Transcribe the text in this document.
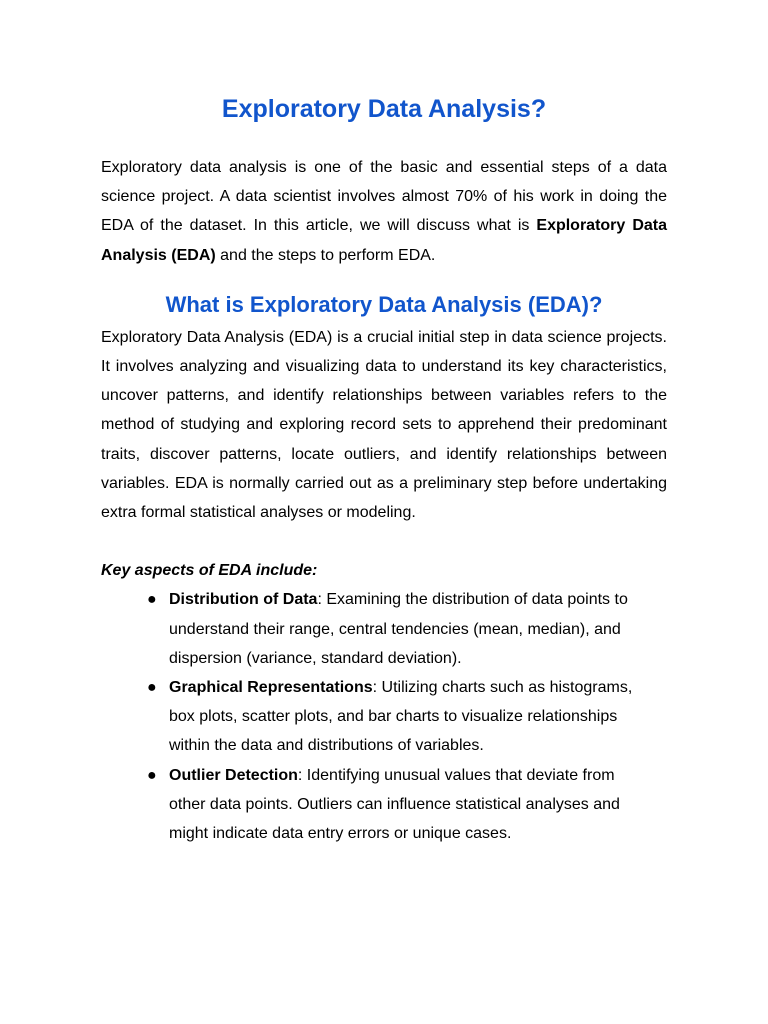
Exploratory Data Analysis?

Exploratory data analysis is one of the basic and essential steps of a data science project. A data scientist involves almost 70% of his work in doing the EDA of the dataset. In this article, we will discuss what is Exploratory Data Analysis (EDA) and the steps to perform EDA.

What is Exploratory Data Analysis (EDA)?

Exploratory Data Analysis (EDA) is a crucial initial step in data science projects. It involves analyzing and visualizing data to understand its key characteristics, uncover patterns, and identify relationships between variables refers to the method of studying and exploring record sets to apprehend their predominant traits, discover patterns, locate outliers, and identify relationships between variables. EDA is normally carried out as a preliminary step before undertaking extra formal statistical analyses or modeling.

Key aspects of EDA include:

● Distribution of Data: Examining the distribution of data points to understand their range, central tendencies (mean, median), and dispersion (variance, standard deviation).
● Graphical Representations: Utilizing charts such as histograms, box plots, scatter plots, and bar charts to visualize relationships within the data and distributions of variables.
● Outlier Detection: Identifying unusual values that deviate from other data points. Outliers can influence statistical analyses and might indicate data entry errors or unique cases.
